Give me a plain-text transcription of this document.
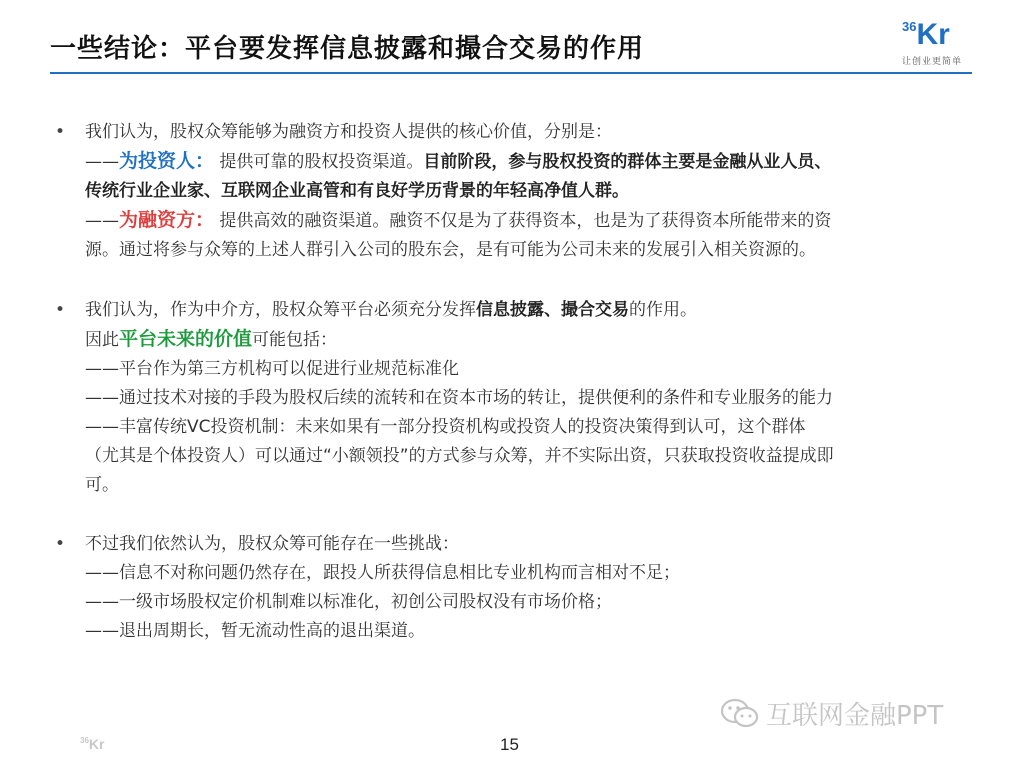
一些结论：平台要发挥信息披露和撮合交易的作用
$^{36}$Kr
让创业更简单
• 我们认为，股权众筹能够为融资方和投资人提供的核心价值，分别是：
——为投资人： 提供可靠的股权投资渠道。目前阶段，参与股权投资的群体主要是金融从业人员、
传统行业企业家、互联网企业高管和有良好学历背景的年轻高净值人群。
——为融资方： 提供高效的融资渠道。融资不仅是为了获得资本，也是为了获得资本所能带来的资
源。通过将参与众筹的上述人群引入公司的股东会，是有可能为公司未来的发展引入相关资源的。
• 我们认为，作为中介方，股权众筹平台必须充分发挥信息披露、撮合交易的作用。
因此平台未来的价值可能包括：
——平台作为第三方机构可以促进行业规范标准化
——通过技术对接的手段为股权后续的流转和在资本市场的转让，提供便利的条件和专业服务的能力
——丰富传统VC投资机制：未来如果有一部分投资机构或投资人的投资决策得到认可，这个群体
（尤其是个体投资人）可以通过“小额领投”的方式参与众筹，并不实际出资，只获取投资收益提成即
可。
• 不过我们依然认为，股权众筹可能存在一些挑战：
——信息不对称问题仍然存在，跟投人所获得信息相比专业机构而言相对不足；
——一级市场股权定价机制难以标准化，初创公司股权没有市场价格；
——退出周期长，暂无流动性高的退出渠道。
$^{36}$Kr	15
互联网金融PPT
